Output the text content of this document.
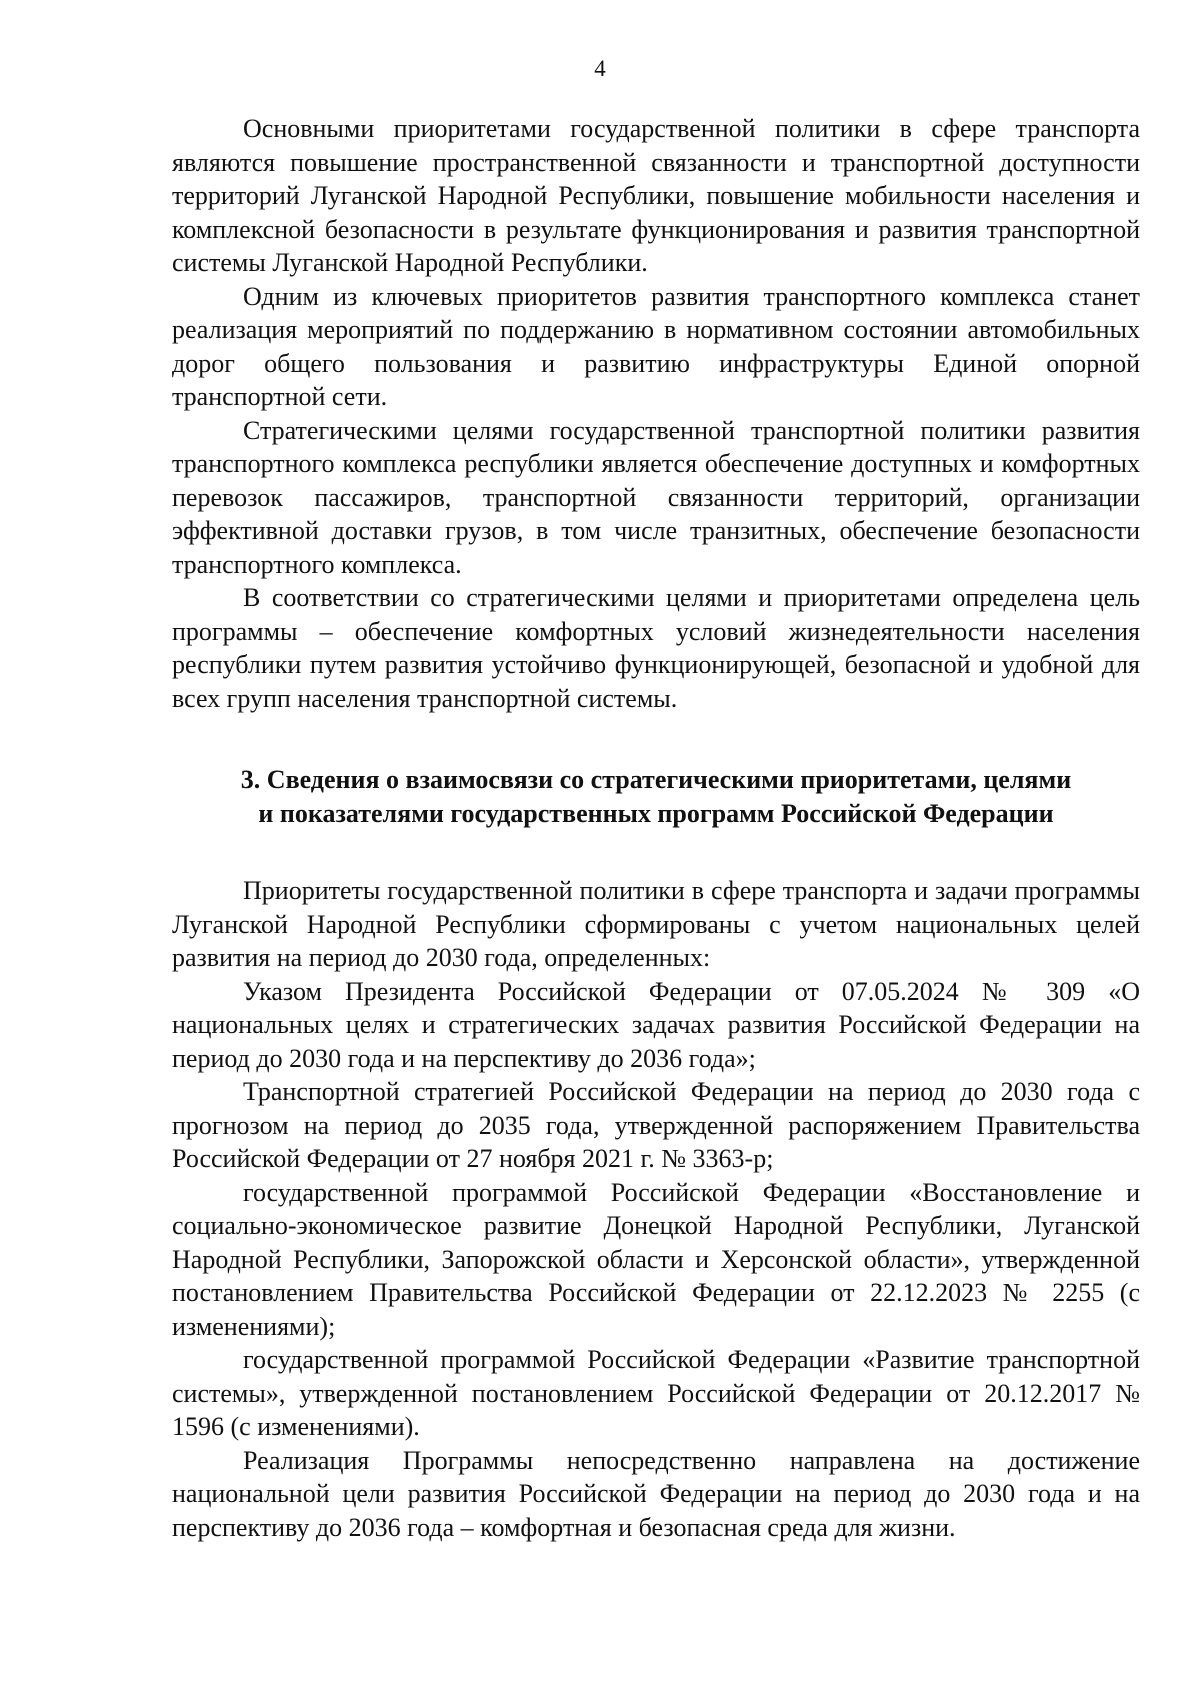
4

Основными приоритетами государственной политики в сфере транспорта являются повышение пространственной связанности и транспортной доступности территорий Луганской Народной Республики, повышение мобильности населения и комплексной безопасности в результате функционирования и развития транспортной системы Луганской Народной Республики.

Одним из ключевых приоритетов развития транспортного комплекса станет реализация мероприятий по поддержанию в нормативном состоянии автомобильных дорог общего пользования и развитию инфраструктуры Единой опорной транспортной сети.

Стратегическими целями государственной транспортной политики развития транспортного комплекса республики является обеспечение доступных и комфортных перевозок пассажиров, транспортной связанности территорий, организации эффективной доставки грузов, в том числе транзитных, обеспечение безопасности транспортного комплекса.

В соответствии со стратегическими целями и приоритетами определена цель программы – обеспечение комфортных условий жизнедеятельности населения республики путем развития устойчиво функционирующей, безопасной и удобной для всех групп населения транспортной системы.

3. Сведения о взаимосвязи со стратегическими приоритетами, целями
и показателями государственных программ Российской Федерации

Приоритеты государственной политики в сфере транспорта и задачи программы Луганской Народной Республики сформированы с учетом национальных целей развития на период до 2030 года, определенных:

Указом Президента Российской Федерации от 07.05.2024 № 309 «О национальных целях и стратегических задачах развития Российской Федерации на период до 2030 года и на перспективу до 2036 года»;

Транспортной стратегией Российской Федерации на период до 2030 года с прогнозом на период до 2035 года, утвержденной распоряжением Правительства Российской Федерации от 27 ноября 2021 г. № 3363-р;

государственной программой Российской Федерации «Восстановление и социально-экономическое развитие Донецкой Народной Республики, Луганской Народной Республики, Запорожской области и Херсонской области», утвержденной постановлением Правительства Российской Федерации от 22.12.2023 № 2255 (с изменениями);

государственной программой Российской Федерации «Развитие транспортной системы», утвержденной постановлением Российской Федерации от 20.12.2017 № 1596 (с изменениями).

Реализация Программы непосредственно направлена на достижение национальной цели развития Российской Федерации на период до 2030 года и на перспективу до 2036 года – комфортная и безопасная среда для жизни.
